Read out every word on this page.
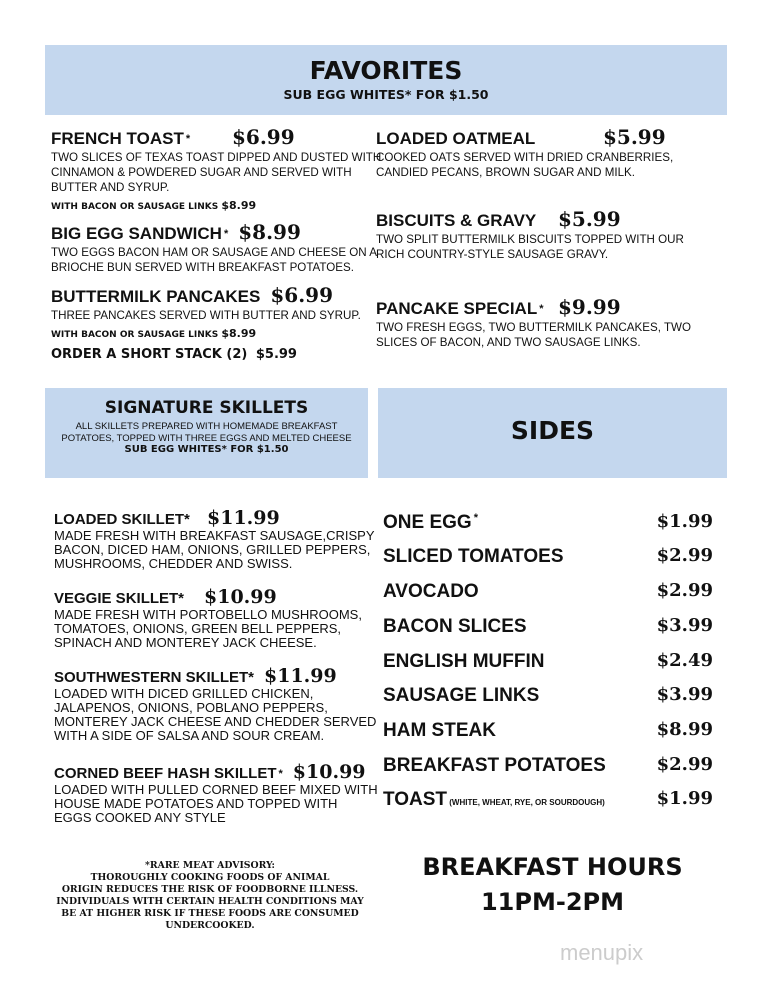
FAVORITES
SUB EGG WHITES* FOR $1.50
FRENCH TOAST * $6.99
TWO SLICES OF TEXAS TOAST DIPPED AND DUSTED WITH
CINNAMON & POWDERED SUGAR AND SERVED WITH
BUTTER AND SYRUP.
WITH BACON OR SAUSAGE LINKS $8.99
BIG EGG SANDWICH * $8.99
TWO EGGS BACON HAM OR SAUSAGE AND CHEESE ON A
BRIOCHE BUN SERVED WITH BREAKFAST POTATOES.
BUTTERMILK PANCAKES $6.99
THREE PANCAKES SERVED WITH BUTTER AND SYRUP.
WITH BACON OR SAUSAGE LINKS $8.99
LOADED OATMEAL	$5.99
COOKED OATS SERVED WITH DRIED CRANBERRIES,
CANDIED PECANS, BROWN SUGAR AND MILK.
BISCUITS & GRAVY $5.99
TWO SPLIT BUTTERMILK BISCUITS TOPPED WITH OUR
RICH COUNTRY-STYLE SAUSAGE GRAVY.
PANCAKE SPECIAL * $9.99
TWO FRESH EGGS, TWO BUTTERMILK PANCAKES, TWO
SLICES OF BACON, AND TWO SAUSAGE LINKS.
ORDER A SHORT STACK (2) $5.99
SIGNATURE SKILLETS
ALL SKILLETS PREPARED WITH HOMEMADE BREAKFAST
POTATOES, TOPPED WITH THREE EGGS AND MELTED CHEESE
SUB EGG WHITES* FOR $1.50
SIDES
LOADED SKILLET* $11.99
MADE FRESH WITH BREAKFAST SAUSAGE,CRISPY
BACON, DICED HAM, ONIONS, GRILLED PEPPERS,
MUSHROOMS, CHEDDER AND SWISS.
VEGGIE SKILLET* $10.99
MADE FRESH WITH PORTOBELLO MUSHROOMS,
TOMATOES, ONIONS, GREEN BELL PEPPERS,
SPINACH AND MONTEREY JACK CHEESE.
SOUTHWESTERN SKILLET* $11.99
LOADED WITH DICED GRILLED CHICKEN,
JALAPENOS, ONIONS, POBLANO PEPPERS,
MONTEREY JACK CHEESE AND CHEDDER SERVED
WITH A SIDE OF SALSA AND SOUR CREAM.
CORNED BEEF HASH SKILLET * $10.99
LOADED WITH PULLED CORNED BEEF MIXED WITH
HOUSE MADE POTATOES AND TOPPED WITH
EGGS COOKED ANY STYLE
ONE EGG *	$1.99
SLICED TOMATOES	$2.99
AVOCADO	$2.99
BACON SLICES	$3.99
ENGLISH MUFFIN	$2.49
SAUSAGE LINKS	$3.99
HAM STEAK	$8.99
BREAKFAST POTATOES	$2.99
TOAST (WHITE, WHEAT, RYE, OR SOURDOUGH)	$1.99
*RARE MEAT ADVISORY:
THOROUGHLY COOKING FOODS OF ANIMAL
ORIGIN REDUCES THE RISK OF FOODBORNE ILLNESS.
INDIVIDUALS WITH CERTAIN HEALTH CONDITIONS MAY
BE AT HIGHER RISK IF THESE FOODS ARE CONSUMED
UNDERCOOKED.
BREAKFAST HOURS
11PM-2PM
menupix
